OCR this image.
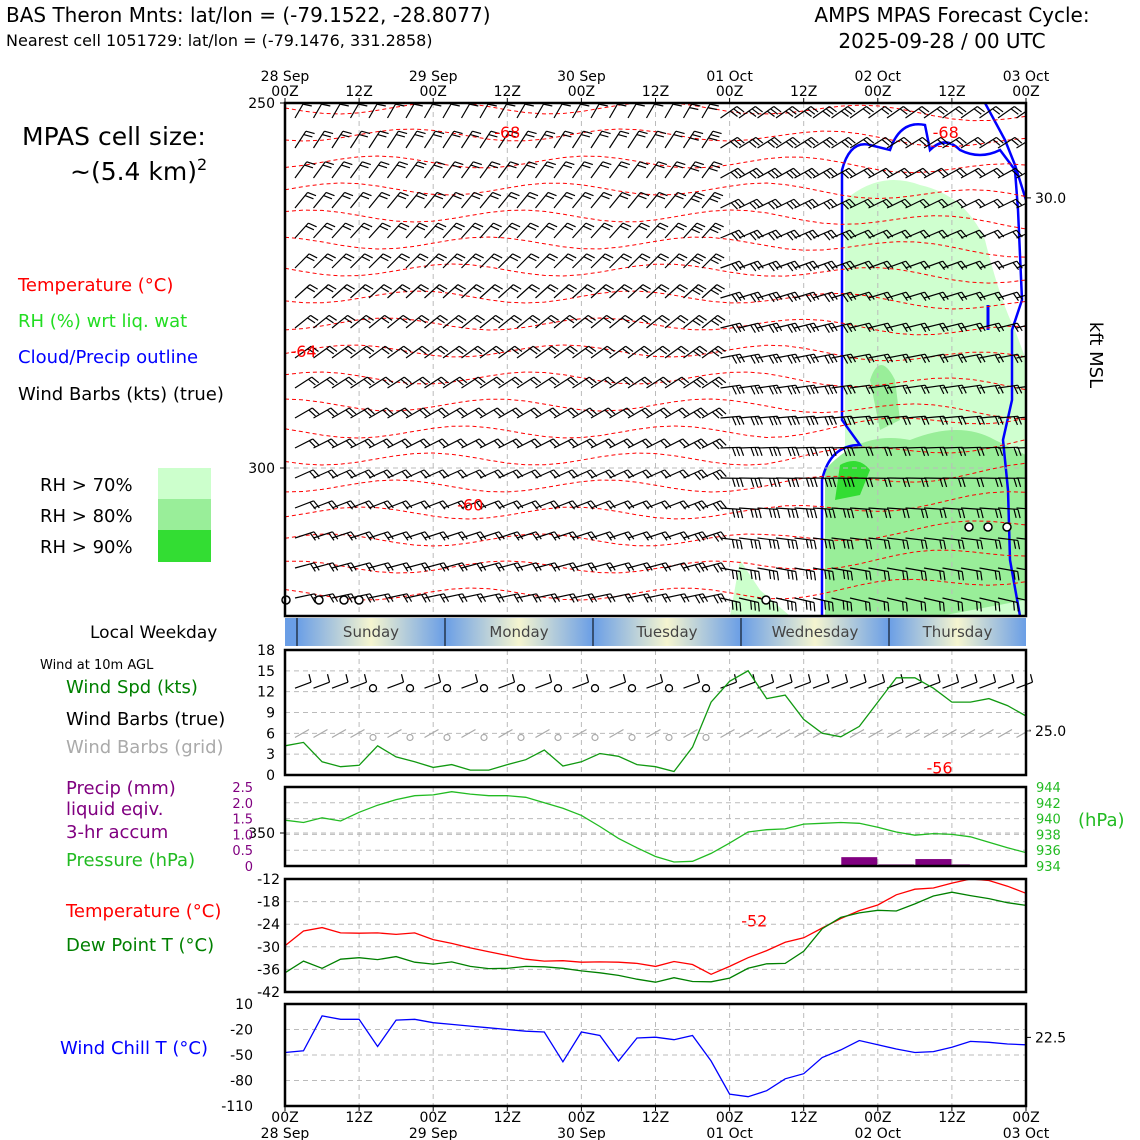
BAS Theron Mnts: lat/lon = (-79.1522, -28.8077)
Nearest cell 1051729: lat/lon = (-79.1476, 331.2858)
AMPS MPAS Forecast Cycle:
2025-09-28 / 00 UTC
MPAS cell size:
~(5.4 km)$^2$
Temperature (°C)
RH (%) wrt liq. wat
Cloud/Precip outline
Wind Barbs (kts) (true)
RH > 70%
RH > 80%
RH > 90%
Local Weekday
Wind at 10m AGL
Wind Spd (kts)
Wind Barbs (true)
Wind Barbs (grid)
Precip (mm)
liquid eqiv.
3-hr accum
Pressure (hPa)
Temperature (°C)
Dew Point T (°C)
Wind Chill T (°C)
-68	-68
-64
-60
-56
-52
28 Sep
00Z	12Z
29 Sep
00Z	12Z
30 Sep
00Z	12Z
01 Oct
00Z	12Z
02 Oct
00Z	12Z
03 Oct
00Z
250
300
350
30.0
25.0
22.5
kft MSL
Sunday	Monday	Tuesday	Wednesday	Thursday
0
3
6
9
12
15
18
0
0.5
1.0
1.5
2.0
2.5
934
936
938
940
942
944
(hPa)
-42
-36
-30
-24
-18
-12
-110
-80
-50
-20
10
00Z
28 Sep
12Z	00Z
29 Sep
12Z	00Z
30 Sep
12Z	00Z
01 Oct
12Z	00Z
02 Oct
12Z	00Z
03 Oct
